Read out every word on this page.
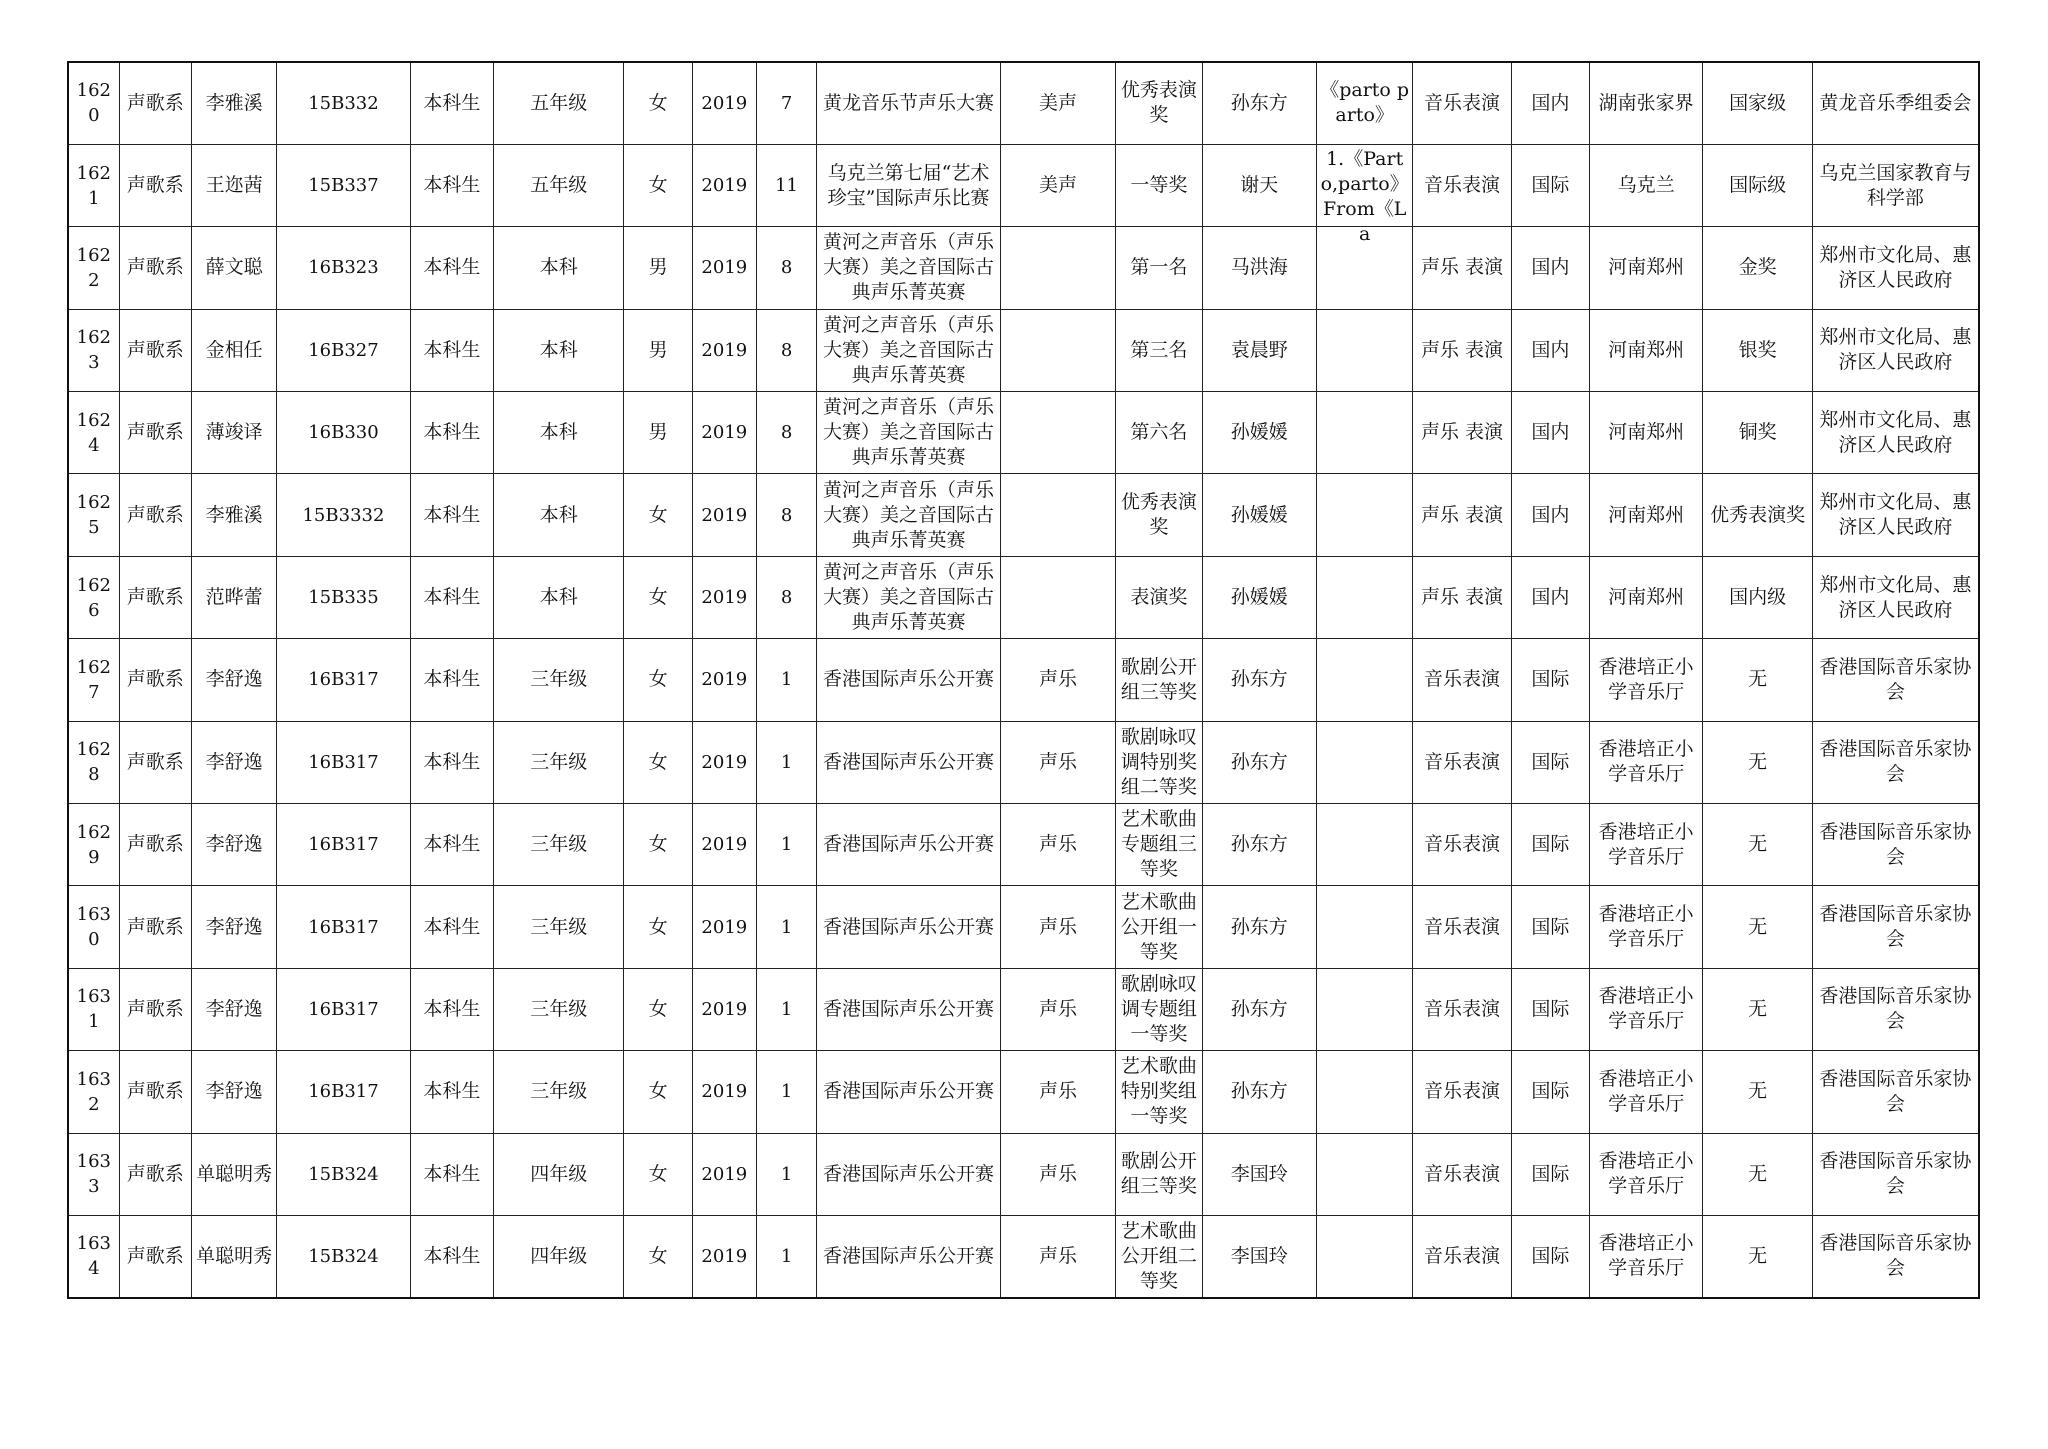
1620	声歌系	李雅溪	15B332	本科生	五年级	女	2019	7	黄龙音乐节声乐大赛	美声	优秀表演奖	孙东方	《parto parto》	音乐表演	国内	湖南张家界	国家级	黄龙音乐季组委会

1621	声歌系	王迩茜	15B337	本科生	五年级	女	2019	11	乌克兰第七届“艺术珍宝”国际声乐比赛	美声	一等奖	谢天	1.《Parto,parto》From《La	音乐表演	国际	乌克兰	国际级	乌克兰国家教育与科学部

1622	声歌系	薛文聪	16B323	本科生	本科	男	2019	8	黄河之声音乐（声乐大赛）美之音国际古典声乐菁英赛		第一名	马洪海		声乐 表演	国内	河南郑州	金奖	郑州市文化局、惠济区人民政府

1623	声歌系	金相任	16B327	本科生	本科	男	2019	8	黄河之声音乐（声乐大赛）美之音国际古典声乐菁英赛		第三名	袁晨野		声乐 表演	国内	河南郑州	银奖	郑州市文化局、惠济区人民政府

1624	声歌系	薄竣译	16B330	本科生	本科	男	2019	8	黄河之声音乐（声乐大赛）美之音国际古典声乐菁英赛		第六名	孙媛媛		声乐 表演	国内	河南郑州	铜奖	郑州市文化局、惠济区人民政府

1625	声歌系	李雅溪	15B3332	本科生	本科	女	2019	8	黄河之声音乐（声乐大赛）美之音国际古典声乐菁英赛		优秀表演奖	孙媛媛		声乐 表演	国内	河南郑州	优秀表演奖	郑州市文化局、惠济区人民政府

1626	声歌系	范晔蕾	15B335	本科生	本科	女	2019	8	黄河之声音乐（声乐大赛）美之音国际古典声乐菁英赛		表演奖	孙媛媛		声乐 表演	国内	河南郑州	国内级	郑州市文化局、惠济区人民政府

1627	声歌系	李舒逸	16B317	本科生	三年级	女	2019	1	香港国际声乐公开赛	声乐	歌剧公开组三等奖	孙东方		音乐表演	国际	香港培正小学音乐厅	无	香港国际音乐家协会

1628	声歌系	李舒逸	16B317	本科生	三年级	女	2019	1	香港国际声乐公开赛	声乐	歌剧咏叹调特别奖组二等奖	孙东方		音乐表演	国际	香港培正小学音乐厅	无	香港国际音乐家协会

1629	声歌系	李舒逸	16B317	本科生	三年级	女	2019	1	香港国际声乐公开赛	声乐	艺术歌曲专题组三等奖	孙东方		音乐表演	国际	香港培正小学音乐厅	无	香港国际音乐家协会

1630	声歌系	李舒逸	16B317	本科生	三年级	女	2019	1	香港国际声乐公开赛	声乐	艺术歌曲公开组一等奖	孙东方		音乐表演	国际	香港培正小学音乐厅	无	香港国际音乐家协会

1631	声歌系	李舒逸	16B317	本科生	三年级	女	2019	1	香港国际声乐公开赛	声乐	歌剧咏叹调专题组一等奖	孙东方		音乐表演	国际	香港培正小学音乐厅	无	香港国际音乐家协会

1632	声歌系	李舒逸	16B317	本科生	三年级	女	2019	1	香港国际声乐公开赛	声乐	艺术歌曲特别奖组一等奖	孙东方		音乐表演	国际	香港培正小学音乐厅	无	香港国际音乐家协会

1633	声歌系	单聪明秀	15B324	本科生	四年级	女	2019	1	香港国际声乐公开赛	声乐	歌剧公开组三等奖	李国玲		音乐表演	国际	香港培正小学音乐厅	无	香港国际音乐家协会

1634	声歌系	单聪明秀	15B324	本科生	四年级	女	2019	1	香港国际声乐公开赛	声乐	艺术歌曲公开组二等奖	李国玲		音乐表演	国际	香港培正小学音乐厅	无	香港国际音乐家协会
